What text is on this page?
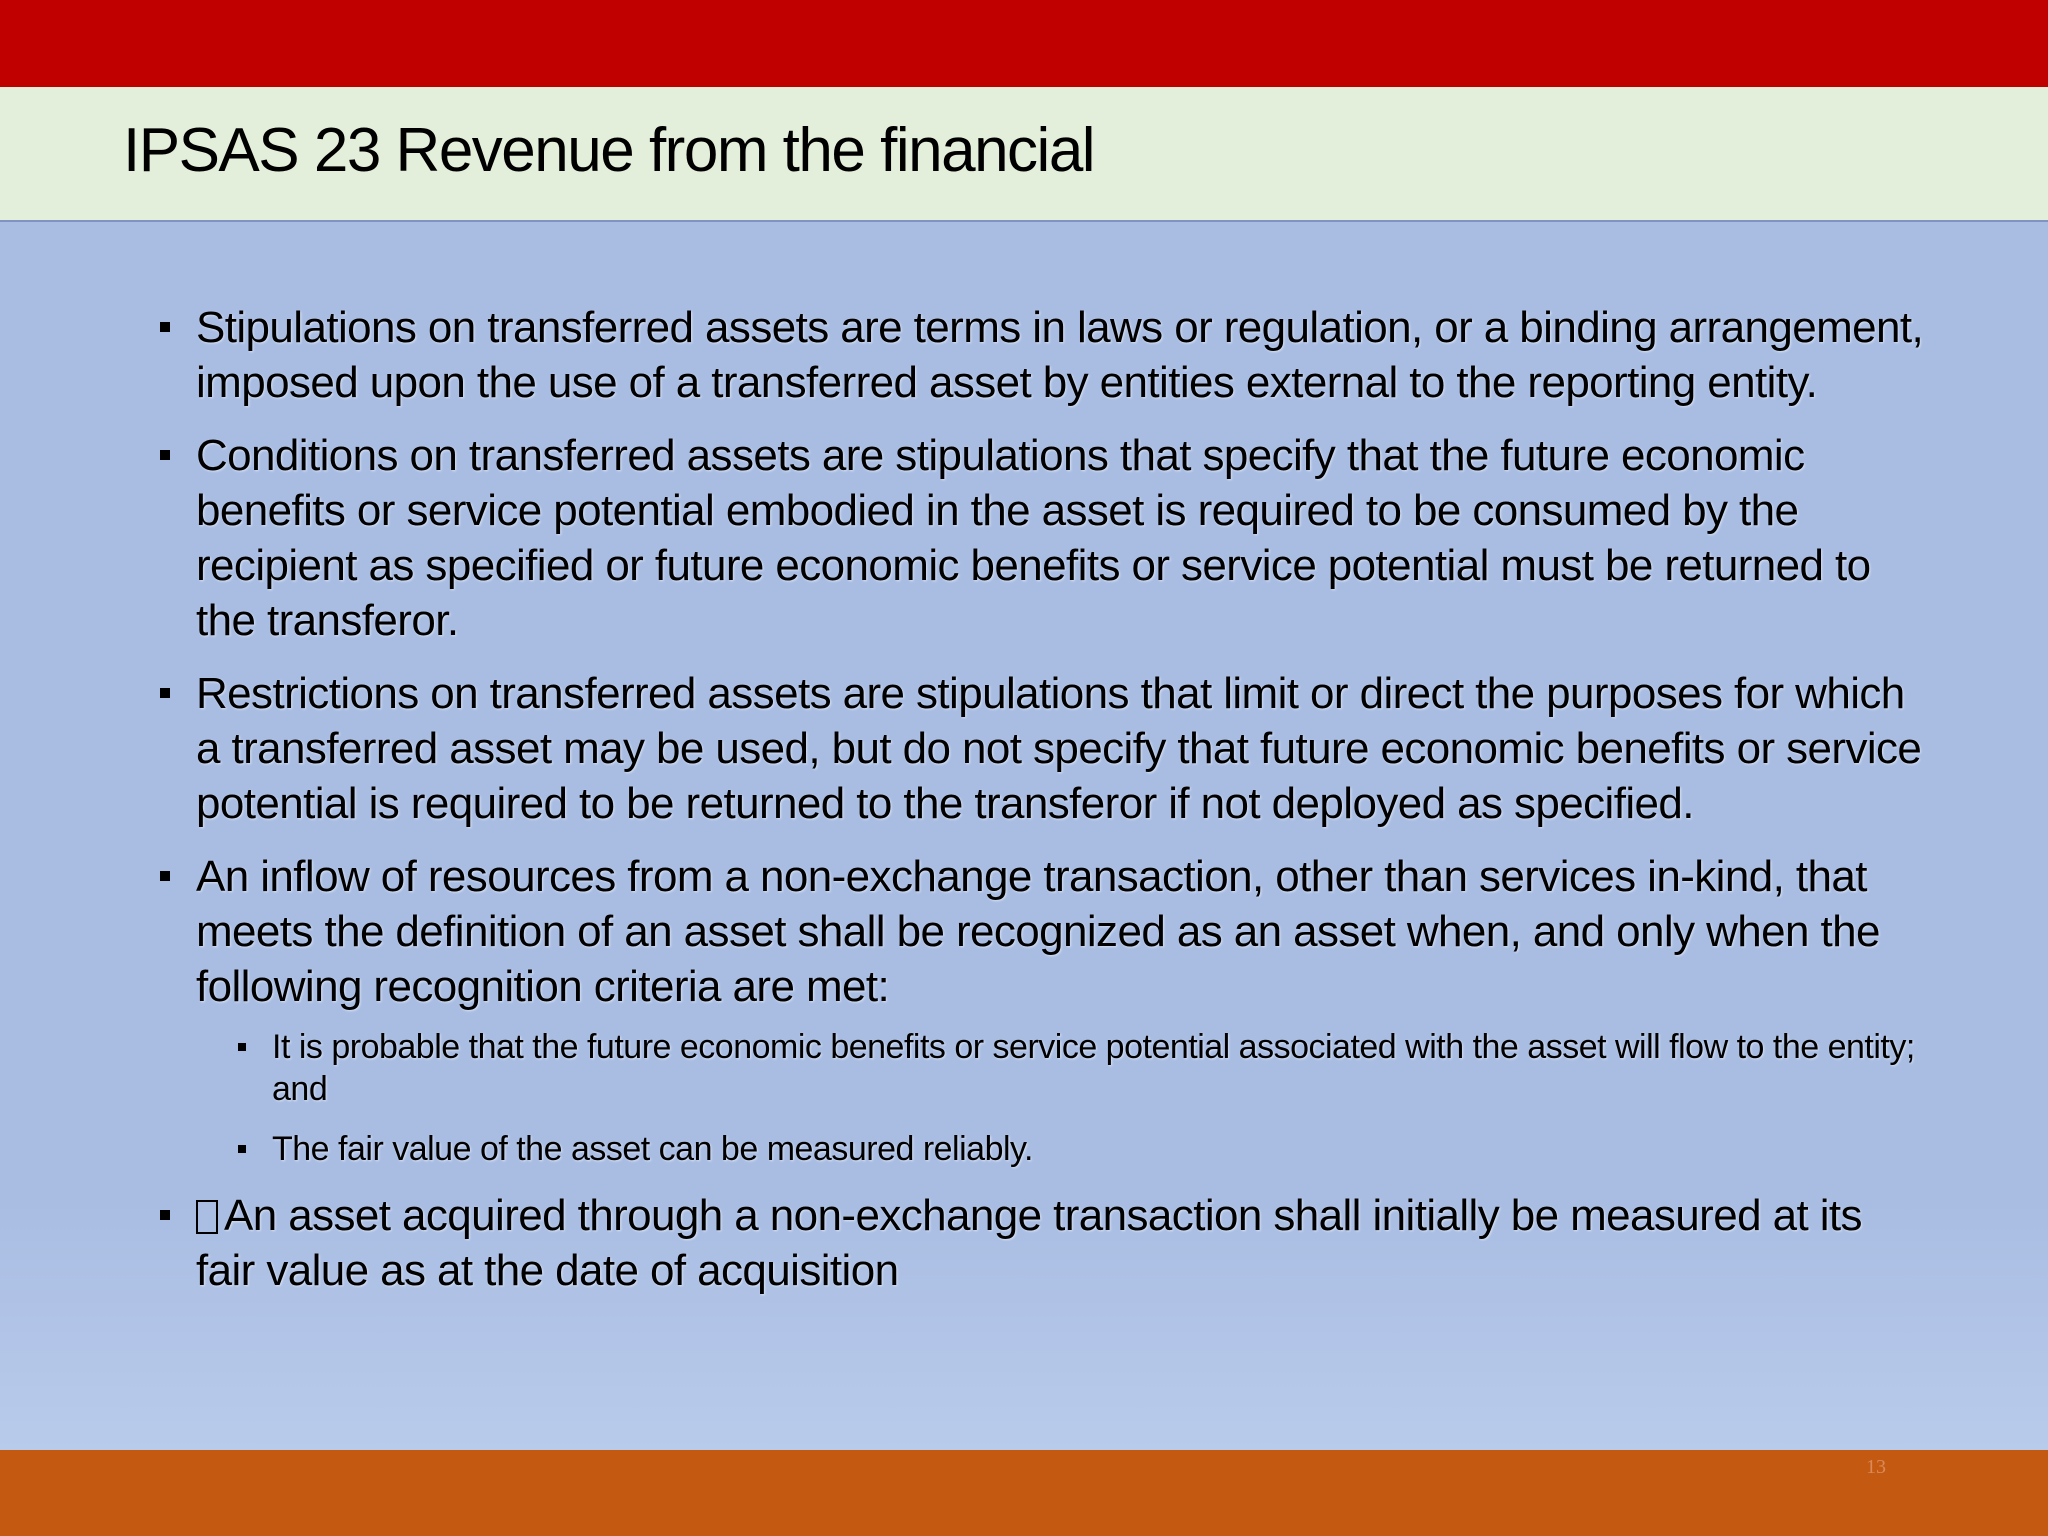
IPSAS 23 Revenue from the financial
Stipulations on transferred assets are terms in laws or regulation, or a binding arrangement, imposed upon the use of a transferred asset by entities external to the reporting entity.
Conditions on transferred assets are stipulations that specify that the future economic benefits or service potential embodied in the asset is required to be consumed by the recipient as specified or future economic benefits or service potential must be returned to the transferor.
Restrictions on transferred assets are stipulations that limit or direct the purposes for which a transferred asset may be used, but do not specify that future economic benefits or service potential is required to be returned to the transferor if not deployed as specified.
An inflow of resources from a non-exchange transaction, other than services in-kind, that meets the definition of an asset shall be recognized as an asset when, and only when the following recognition criteria are met:
It is probable that the future economic benefits or service potential associated with the asset will flow to the entity; and
The fair value of the asset can be measured reliably.
An asset acquired through a non-exchange transaction shall initially be measured at its fair value as at the date of acquisition
13
